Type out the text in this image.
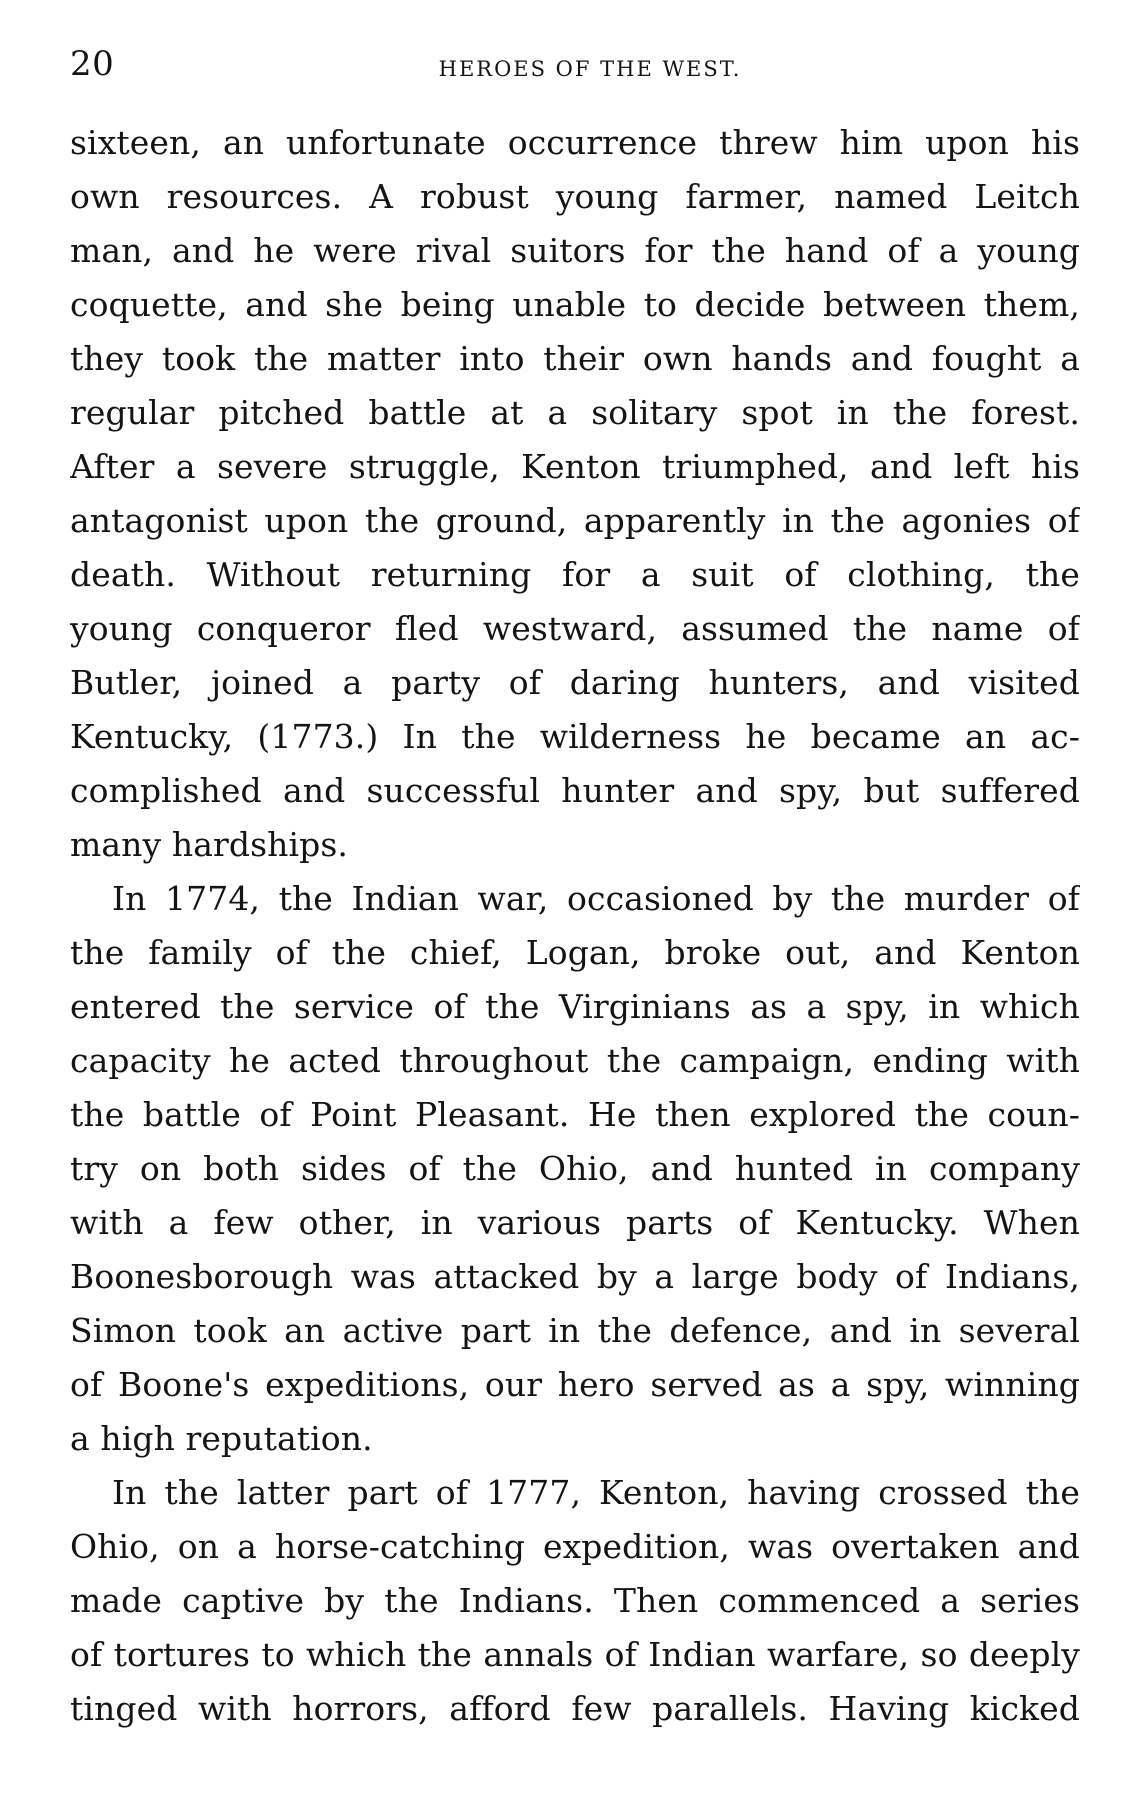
20	HEROES OF THE WEST.
sixteen, an unfortunate occurrence threw him upon his
own resources. A robust young farmer, named Leitch
man, and he were rival suitors for the hand of a young
coquette, and she being unable to decide between them,
they took the matter into their own hands and fought a
regular pitched battle at a solitary spot in the forest.
After a severe struggle, Kenton triumphed, and left his
antagonist upon the ground, apparently in the agonies of
death. Without returning for a suit of clothing, the
young conqueror fled westward, assumed the name of
Butler, joined a party of daring hunters, and visited
Kentucky, (1773.) In the wilderness he became an ac-
complished and successful hunter and spy, but suffered
many hardships.
In 1774, the Indian war, occasioned by the murder of
the family of the chief, Logan, broke out, and Kenton
entered the service of the Virginians as a spy, in which
capacity he acted throughout the campaign, ending with
the battle of Point Pleasant. He then explored the coun-
try on both sides of the Ohio, and hunted in company
with a few other, in various parts of Kentucky. When
Boonesborough was attacked by a large body of Indians,
Simon took an active part in the defence, and in several
of Boone's expeditions, our hero served as a spy, winning
a high reputation.
In the latter part of 1777, Kenton, having crossed the
Ohio, on a horse-catching expedition, was overtaken and
made captive by the Indians. Then commenced a series
of tortures to which the annals of Indian warfare, so deeply
tinged with horrors, afford few parallels. Having kicked
